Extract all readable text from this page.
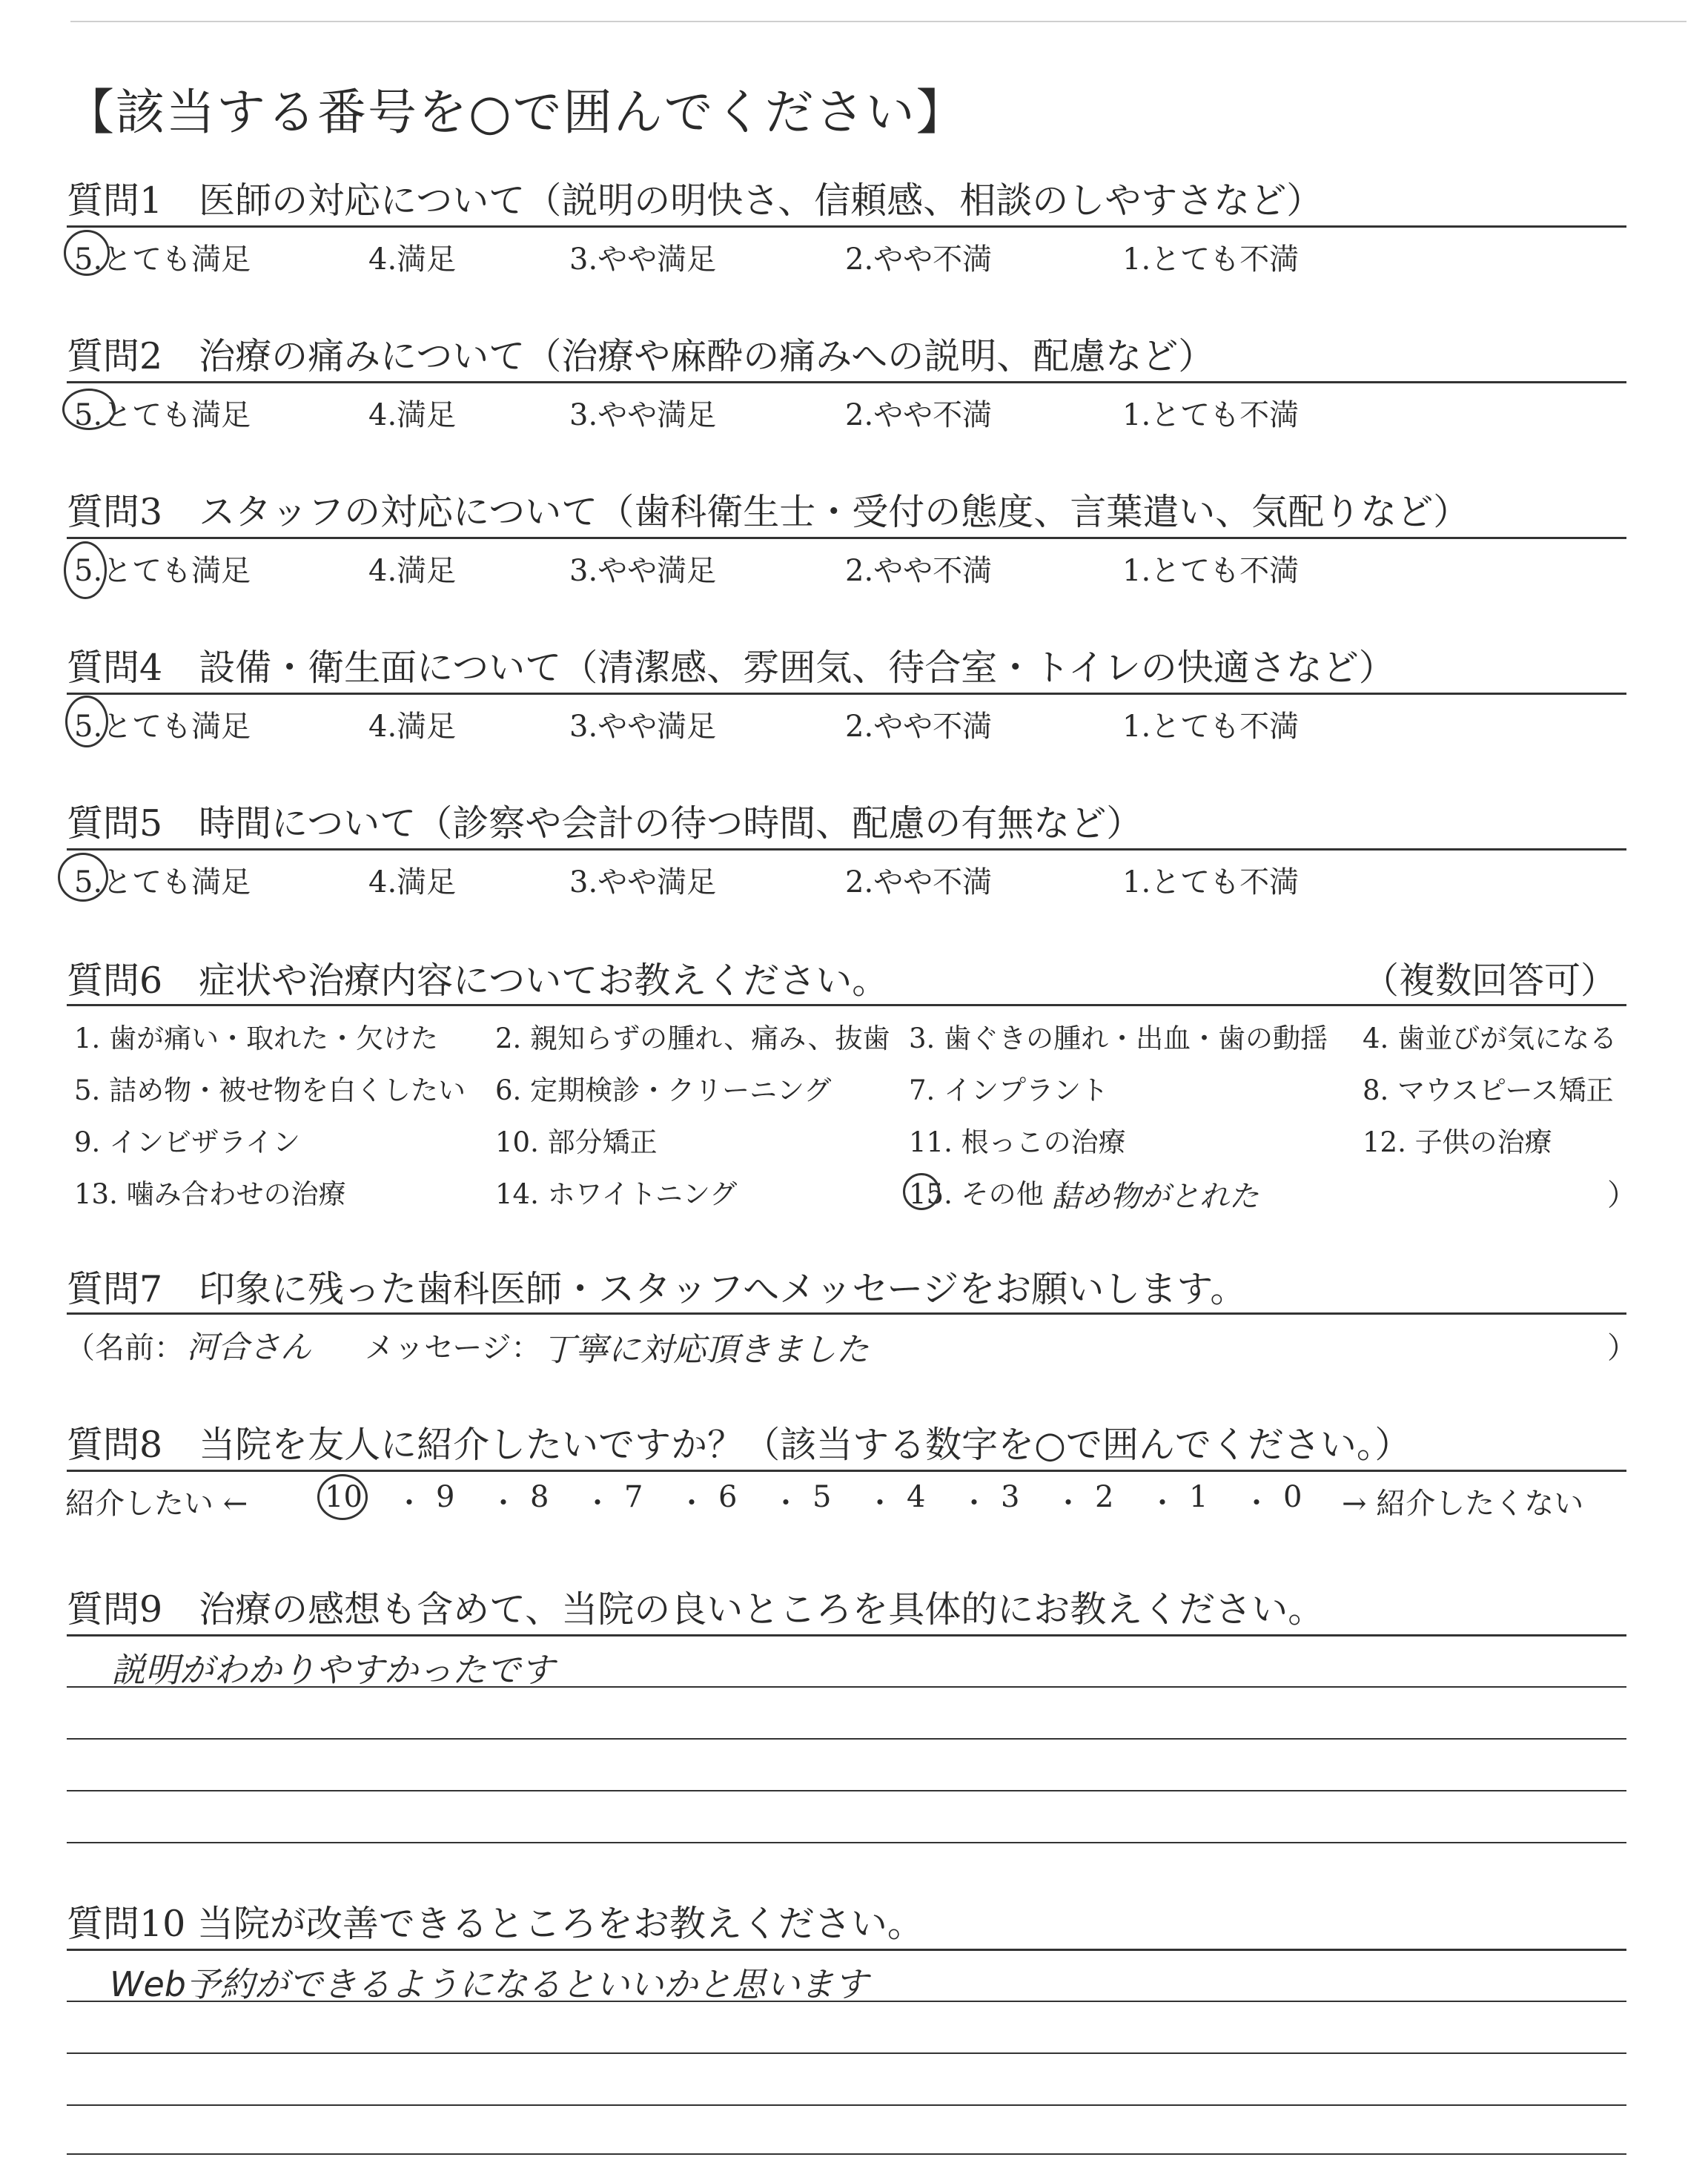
【該当する番号を○で囲んでください】
質問1　医師の対応について（説明の明快さ、信頼感、相談のしやすさなど）
5.とても満足	4.満足	3.やや満足	2.やや不満	1.とても不満
質問2　治療の痛みについて（治療や麻酔の痛みへの説明、配慮など）
5.とても満足	4.満足	3.やや満足	2.やや不満	1.とても不満
質問3　スタッフの対応について（歯科衛生士・受付の態度、言葉遣い、気配りなど）
5.とても満足	4.満足	3.やや満足	2.やや不満	1.とても不満
質問4　設備・衛生面について（清潔感、雰囲気、待合室・トイレの快適さなど）
5.とても満足	4.満足	3.やや満足	2.やや不満	1.とても不満
質問5　時間について（診察や会計の待つ時間、配慮の有無など）
5.とても満足	4.満足	3.やや満足	2.やや不満	1.とても不満
質問6　症状や治療内容についてお教えください。	（複数回答可）
1. 歯が痛い・取れた・欠けた 2. 親知らずの腫れ、痛み、抜歯 3. 歯ぐきの腫れ・出血・歯の動揺 4. 歯並びが気になる
5. 詰め物・被せ物を白くしたい 6. 定期検診・クリーニング	7. インプラント	8. マウスピース矯正
9. インビザライン	10. 部分矯正	11. 根っこの治療	12. 子供の治療
13. 噛み合わせの治療	14. ホワイトニング	15. その他（
詰め物がとれた	）
質問7　印象に残った歯科医師・スタッフへメッセージをお願いします。
（名前： 河合さん メッセージ： 丁寧に対応頂きました	）
質問8　当院を友人に紹介したいですか？（該当する数字を○で囲んでください。）
紹介したい ←	10 ・ 9 ・ 8 ・ 7 ・ 6 ・ 5 ・ 4 ・ 3 ・ 2 ・ 1 ・ 0 → 紹介したくない
質問9　治療の感想も含めて、当院の良いところを具体的にお教えください。
説明がわかりやすかったです
質問10 当院が改善できるところをお教えください。
Web予約ができるようになるといいかと思います
